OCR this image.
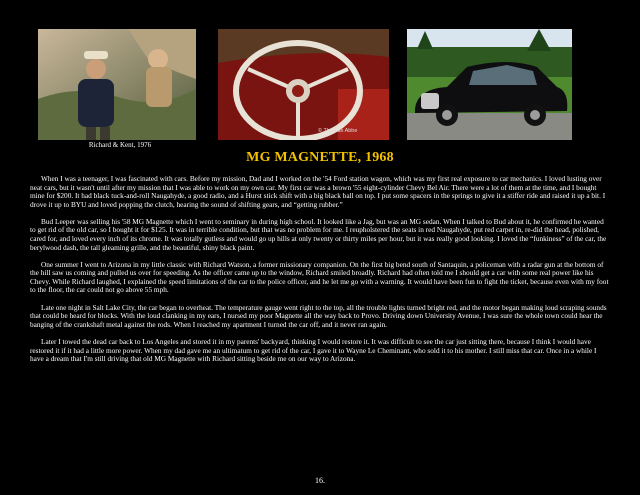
Richard & Kent, 1976
© Thomas Abbe
MG MAGNETTE, 1968

When I was a teenager, I was fascinated with cars. Before my mission, Dad and I worked on the '54 Ford station wagon, which was my first real exposure to car mechanics. I loved lusting over neat cars, but it wasn't until after my mission that I was able to work on my own car. My first car was a brown '55 eight-cylinder Chevy Bel Air. There were a lot of them at the time, and I bought mine for $200. It had black tuck-and-roll Naugahyde, a good radio, and a Hurst stick shift with a big black ball on top. I put some spacers in the springs to give it a stiffer ride and raised it up a bit. I drove it up to BYU and loved popping the clutch, hearing the sound of shifting gears, and “getting rubber.”

Bud Leeper was selling his '58 MG Magnette which I went to seminary in during high school. It looked like a Jag, but was an MG sedan. When I talked to Bud about it, he confirmed he wanted to get rid of the old car, so I bought it for $125. It was in terrible condition, but that was no problem for me. I reupholstered the seats in red Naugahyde, put red carpet in, re-did the head, polished, cared for, and loved every inch of its chrome. It was totally gutless and would go up hills at only twenty or thirty miles per hour, but it was really good looking. I loved the “funkiness” of the car, the berylwood dash, the tall gleaming grille, and the beautiful, shiny black paint.

One summer I went to Arizona in my little classic with Richard Watson, a former missionary companion. On the first big bend south of Santaquin, a policeman with a radar gun at the bottom of the hill saw us coming and pulled us over for speeding. As the officer came up to the window, Richard smiled broadly. Richard had often told me I should get a car with some real power like his Chevy. While Richard laughed, I explained the speed limitations of the car to the police officer, and he let me go with a warning. It would have been fun to fight the ticket, because even with my foot to the floor, the car could not go above 55 mph.

Late one night in Salt Lake City, the car began to overheat. The temperature gauge went right to the top, all the trouble lights turned bright red, and the motor began making loud scraping sounds that could be heard for blocks. With the loud clanking in my ears, I nursed my poor Magnette all the way back to Provo. Driving down University Avenue, I was sure the whole town could hear the banging of the crankshaft metal against the rods. When I reached my apartment I turned the car off, and it never ran again.

Later I towed the dead car back to Los Angeles and stored it in my parents' backyard, thinking I would restore it. It was difficult to see the car just sitting there, because I think I would have restored it if it had a little more power. When my dad gave me an ultimatum to get rid of the car, I gave it to Wayne Le Cheminant, who sold it to his mother. I still miss that car. Once in a while I have a dream that I'm still driving that old MG Magnette with Richard sitting beside me on our way to Arizona.

16.
